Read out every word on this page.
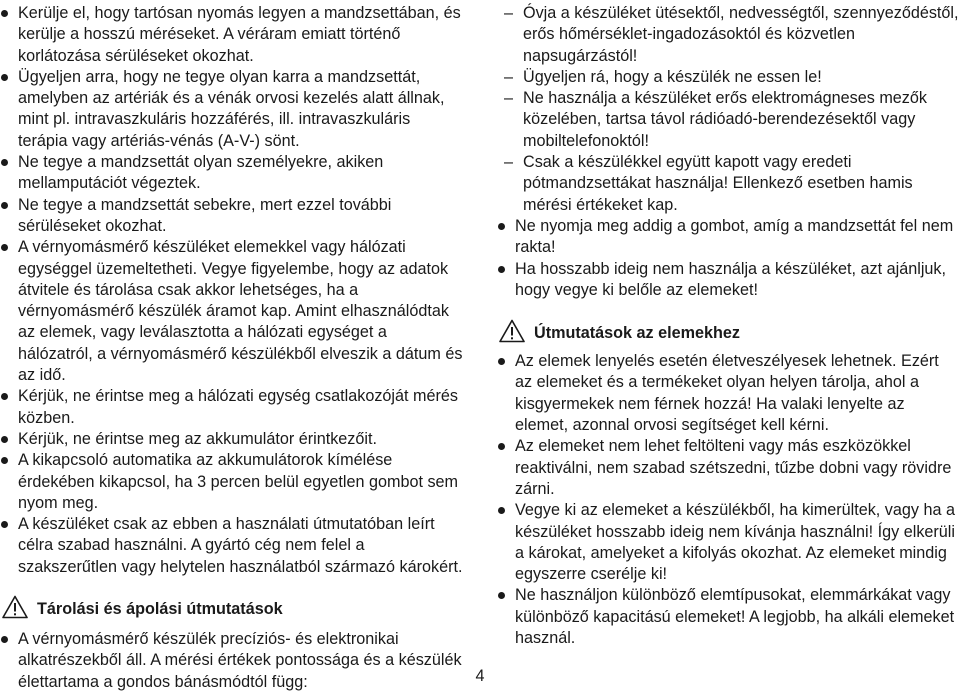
Kerülje el, hogy tartósan nyomás legyen a mandzsettában, és kerülje a hosszú méréseket. A véráram emiatt történő korlátozása sérüléseket okozhat.
Ügyeljen arra, hogy ne tegye olyan karra a mandzsettát, amelyben az artériák és a vénák orvosi kezelés alatt állnak, mint pl. intravaszkuláris hozzáférés, ill. intravaszkuláris terápia vagy artériás-vénás (A-V-) sönt.
Ne tegye a mandzsettát olyan személyekre, akiken mellamputációt végeztek.
Ne tegye a mandzsettát sebekre, mert ezzel további sérüléseket okozhat.
A vérnyomásmérő készüléket elemekkel vagy hálózati egységgel üzemeltetheti. Vegye figyelembe, hogy az adatok átvitele és tárolása csak akkor lehetséges, ha a vérnyomásmérő készülék áramot kap. Amint elhasználódtak az elemek, vagy leválasztotta a hálózati egységet a hálózatról, a vérnyomásmérő készülékből elveszik a dátum és az idő.
Kérjük, ne érintse meg a hálózati egység csatlakozóját mérés közben.
Kérjük, ne érintse meg az akkumulátor érintkezőit.
A kikapcsoló automatika az akkumulátorok kímélése érdekében kikapcsol, ha 3 percen belül egyetlen gombot sem nyom meg.
A készüléket csak az ebben a használati útmutatóban leírt célra szabad használni. A gyártó cég nem felel a szakszerűtlen vagy helytelen használatból származó károkért.
Tárolási és ápolási útmutatások
A vérnyomásmérő készülék precíziós- és elektronikai alkatrészekből áll. A mérési értékek pontossága és a készülék élettartama a gondos bánásmódtól függ:
– Óvja a készüléket ütésektől, nedvességtől, szennyeződéstől, erős hőmérséklet-ingadozásoktól és közvetlen napsugárzástól!
– Ügyeljen rá, hogy a készülék ne essen le!
– Ne használja a készüléket erős elektromágneses mezők közelében, tartsa távol rádióadó-berendezésektől vagy mobiltelefonoktól!
– Csak a készülékkel együtt kapott vagy eredeti pótmandzsettákat használja! Ellenkező esetben hamis mérési értékeket kap.
Ne nyomja meg addig a gombot, amíg a mandzsettát fel nem rakta!
Ha hosszabb ideig nem használja a készüléket, azt ajánljuk, hogy vegye ki belőle az elemeket!
Útmutatások az elemekhez
Az elemek lenyelés esetén életveszélyesek lehetnek. Ezért az elemeket és a termékeket olyan helyen tárolja, ahol a kisgyermekek nem férnek hozzá! Ha valaki lenyelte az elemet, azonnal orvosi segítséget kell kérni.
Az elemeket nem lehet feltölteni vagy más eszközökkel reaktiválni, nem szabad szétszedni, tűzbe dobni vagy rövidre zárni.
Vegye ki az elemeket a készülékből, ha kimerültek, vagy ha a készüléket hosszabb ideig nem kívánja használni! Így elkerüli a károkat, amelyeket a kifolyás okozhat. Az elemeket mindig egyszerre cserélje ki!
Ne használjon különböző elemtípusokat, elemmárkákat vagy különböző kapacitású elemeket! A legjobb, ha alkáli elemeket használ.
4
